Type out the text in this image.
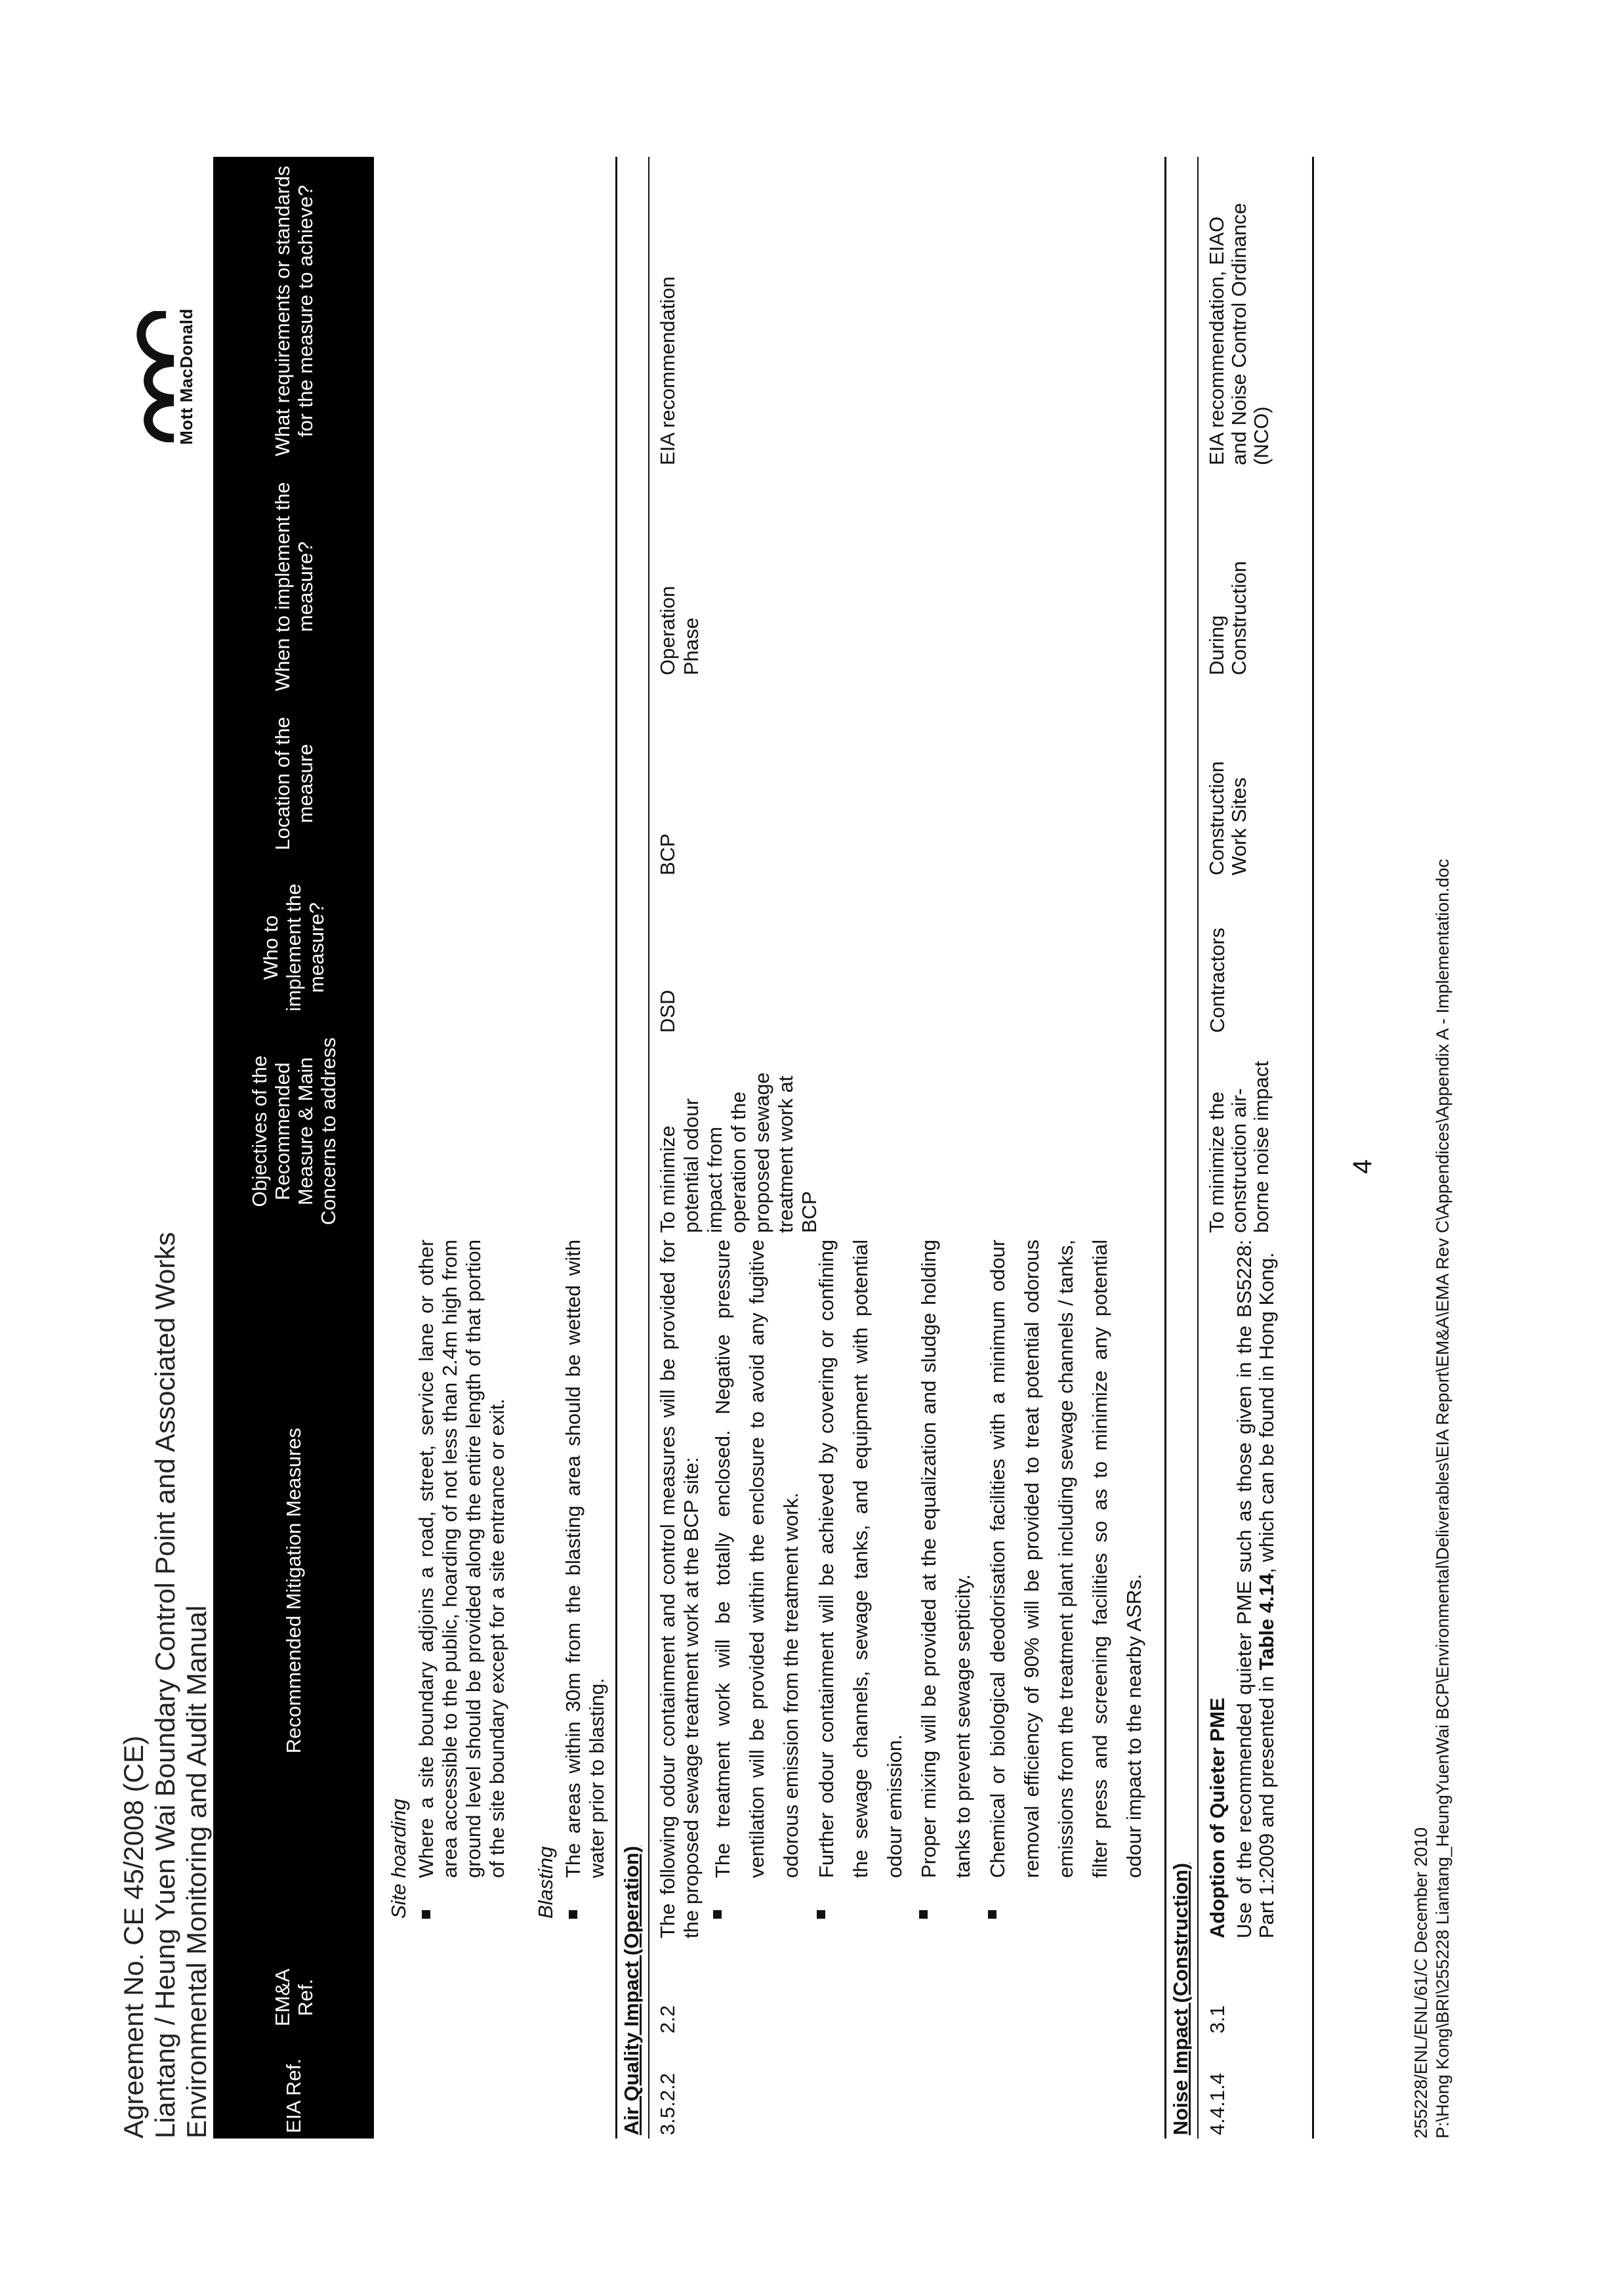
Agreement No. CE 45/2008 (CE) Liantang / Heung Yuen Wai Boundary Control Point and Associated Works Environmental Monitoring and Audit Manual
Mott MacDonald
EIA Ref.
EM&A Ref.
Recommended Mitigation Measures
Objectives of the Recommended Measure & Main Concerns to address
Who to implement the measure?
Location of the measure
When to implement the measure?
What requirements or standards for the measure to achieve?
Site hoarding Where a site boundary adjoins a road, street, service lane or other area accessible to the public, hoarding of not less than 2.4m high from ground level should be provided along the entire length of that portion of the site boundary except for a site entrance or exit.
Blasting
The areas within 30m from the blasting area should be wetted with water prior to blasting.
Air Quality Impact (Operation) 3.5.2.2
2.2
The following odour containment and control measures will be provided for the proposed sewage treatment work at the BCP site: The treatment work will be totally enclosed. Negative pressure ventilation will be provided within the enclosure to avoid any fugitive odorous emission from the treatment work. Further odour containment will be achieved by covering or confining the sewage channels, sewage tanks, and equipment with potential odour emission. Proper mixing will be provided at the equalization and sludge holding tanks to prevent sewage septicity. Chemical or biological deodorisation facilities with a minimum odour removal efficiency of 90% will be provided to treat potential odorous emissions from the treatment plant including sewage channels / tanks, filter press and screening facilities so as to minimize any potential odour impact to the nearby ASRs.
To minimize potential odour impact from operation of the proposed sewage treatment work at BCP
DSD
BCP
Operation Phase
EIA recommendation
Noise Impact (Construction) 4.4.1.4
3.1
Adoption of Quieter PME Use of the recommended quieter PME such as those given in the BS5228: Part 1:2009 and presented in Table 4.14, which can be found in Hong Kong.
To minimize the construction air-borne noise impact
Contractors
Construction Work Sites
During Construction
EIA recommendation, EIAO and Noise Control Ordinance (NCO)
4
255228/ENL/ENL/61/C December 2010 P:\Hong Kong\BRI\255228 Liantang_HeungYuenWai BCP\Environmental\Deliverables\EIA Report\EM&A\EMA Rev C\Appendices\Appendix A - Implementation.doc
